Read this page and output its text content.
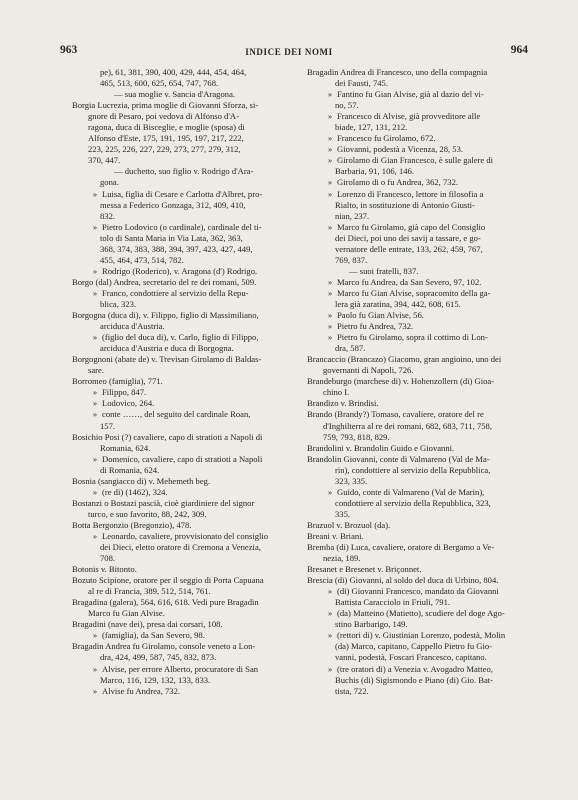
963	INDICE DEI NOMI	964
pe), 61, 381, 390, 400, 429, 444, 454, 464,
465, 513, 600, 625, 654, 747, 768.
— sua moglie v. Sancia d'Aragona.
Borgia Lucrezia, prima moglie di Giovanni Sforza, si-
gnore di Pesaro, poi vedova di Alfonso d'A-
ragona, duca di Bisceglie, e moglie (sposa) di
Alfonso d'Este, 175, 191, 195, 197, 217, 222,
223, 225, 226, 227, 229, 273, 277, 279, 312,
370, 447.
— duchetto, suo figlio v. Rodrigo d'Ara-
gona.
» Luisa, figlia di Cesare e Carlotta d'Albret, pro-
messa a Federico Gonzaga, 312, 409, 410,
832.
» Pietro Lodovico (o cardinale), cardinale del ti-
tolo di Santa Maria in Via Lata, 362, 363,
368, 374, 383, 388, 394, 397, 423, 427, 449,
455, 464, 473, 514, 782.
» Rodrigo (Roderico), v. Aragona (d') Rodrigo.
Borgo (dal) Andrea, secretario del re dei romani, 509.
» Franco, condottiere al servizio della Repu-
blica, 323.
Borgogna (duca di), v. Filippo, figlio di Massimiliano,
arciduca d'Austria.
» (figlio del duca di), v. Carlo, figlio di Filippo,
arciduca d'Austria e duca di Borgogna.
Borgognoni (abate de) v. Trevisan Girolamo di Baldas-
sare.
Borromeo (famiglia), 771.
» Filippo, 847.
» Lodovico, 264.
» conte ……, del seguito del cardinale Roan,
157.
Bosichio Posi (?) cavaliere, capo di stratioti a Napoli di
Romania, 624.
» Domenico, cavaliere, capo di stratioti a Napoli
di Romania, 624.
Bosnia (sangiacco di) v. Mehemeth beg.
» (re di) (1462), 324.
Bostanzi o Bostazi pascià, cioè giardiniere del signor
turco, e suo favorito, 88, 242, 309.
Botta Bergonzio (Bregonzio), 478.
» Leonardo, cavaliere, provvisionato del consiglio
dei Dieci, eletto oratore di Cremona a Venezia,
708.
Botonis v. Bitonto.
Bozuto Scipione, oratore per il seggio di Porta Capuana
al re di Francia, 389, 512, 514, 761.
Bragadina (galera), 564, 616, 618. Vedi pure Bragadin
Marco fu Gian Alvise.
Bragadini (nave dei), presa dai corsari, 108.
» (famiglia), da San Severo, 98.
Bragadin Andrea fu Girolamo, console veneto a Lon-
dra, 424, 499, 587, 745, 832, 873.
» Alvise, per errore Alberto, procuratore di San
Marco, 116, 129, 132, 133, 833.
» Alvise fu Andrea, 732.
Bragadin Andrea di Francesco, uno della compagnia
dei Fausti, 745.
» Fantino fu Gian Alvise, già al dazio del vi-
no, 57.
» Francesco di Alvise, già provveditore alle
biade, 127, 131, 212.
» Francesco fu Girolamo, 672.
» Giovanni, podestà a Vicenza, 28, 53.
» Girolamo di Gian Francesco, è sulle galere di
Barbaria, 91, 106, 146.
» Girolamo di o fu Andrea, 362, 732.
» Lorenzo di Francesco, lettore in filosofia a
Rialto, in sostituzione di Antonio Giusti-
nian, 237.
» Marco fu Girolamo, già capo del Consiglio
dei Dieci, poi uno dei savij a tassare, e go-
vernatore delle entrate, 133, 262, 459, 767,
769, 837.
— suoi fratelli, 837.
» Marco fu Andrea, da San Severo, 97, 102.
» Marco fu Gian Alvise, sopracomito della ga-
lera già zaratina, 394, 442, 608, 615.
» Paolo fu Gian Alvise, 56.
» Pietro fu Andrea, 732.
» Pietro fu Girolamo, sopra il cottimo di Lon-
dra, 587.
Brancaccio (Brancazo) Giacomo, gran angioino, uno dei
governanti di Napoli, 726.
Brandeburgo (marchese di) v. Hohenzollern (di) Gioa-
chino I.
Brandizo v. Brindisi.
Brando (Brandy?) Tomaso, cavaliere, oratore del re
d'Inghilterra al re dei romani, 682, 683, 711, 758,
759, 793, 818, 829.
Brandolini v. Brandolin Guido e Giovanni.
Brandolin Giovanni, conte di Valmareno (Val de Ma-
rin), condottiere al servizio della Repubblica,
323, 335.
» Guido, conte di Valmareno (Val de Marin),
condottiere al servizio della Repubblica, 323,
335.
Brazuol v. Brozuol (da).
Breani v. Briani.
Bremba (di) Luca, cavaliere, oratore di Bergamo a Ve-
nezia, 189.
Bresanet e Bresenet v. Briçonnet.
Brescia (di) Giovanni, al soldo del duca di Urbino, 804.
» (di) Giovanni Francesco, mandato da Giovanni
Battista Caracciolo in Friuli, 791.
» (da) Matteino (Matietto), scudiere del doge Ago-
stino Barbarigo, 149.
» (rettori di) v. Giustinian Lorenzo, podestà, Molin
(da) Marco, capitano, Cappello Pietro fu Gio-
vanni, podestà, Foscari Francesco, capitano.
» (tre oratori di) a Venezia v. Avogadro Matteo,
Buchis (di) Sigismondo e Piano (di) Gio. Bat-
tista, 722.
